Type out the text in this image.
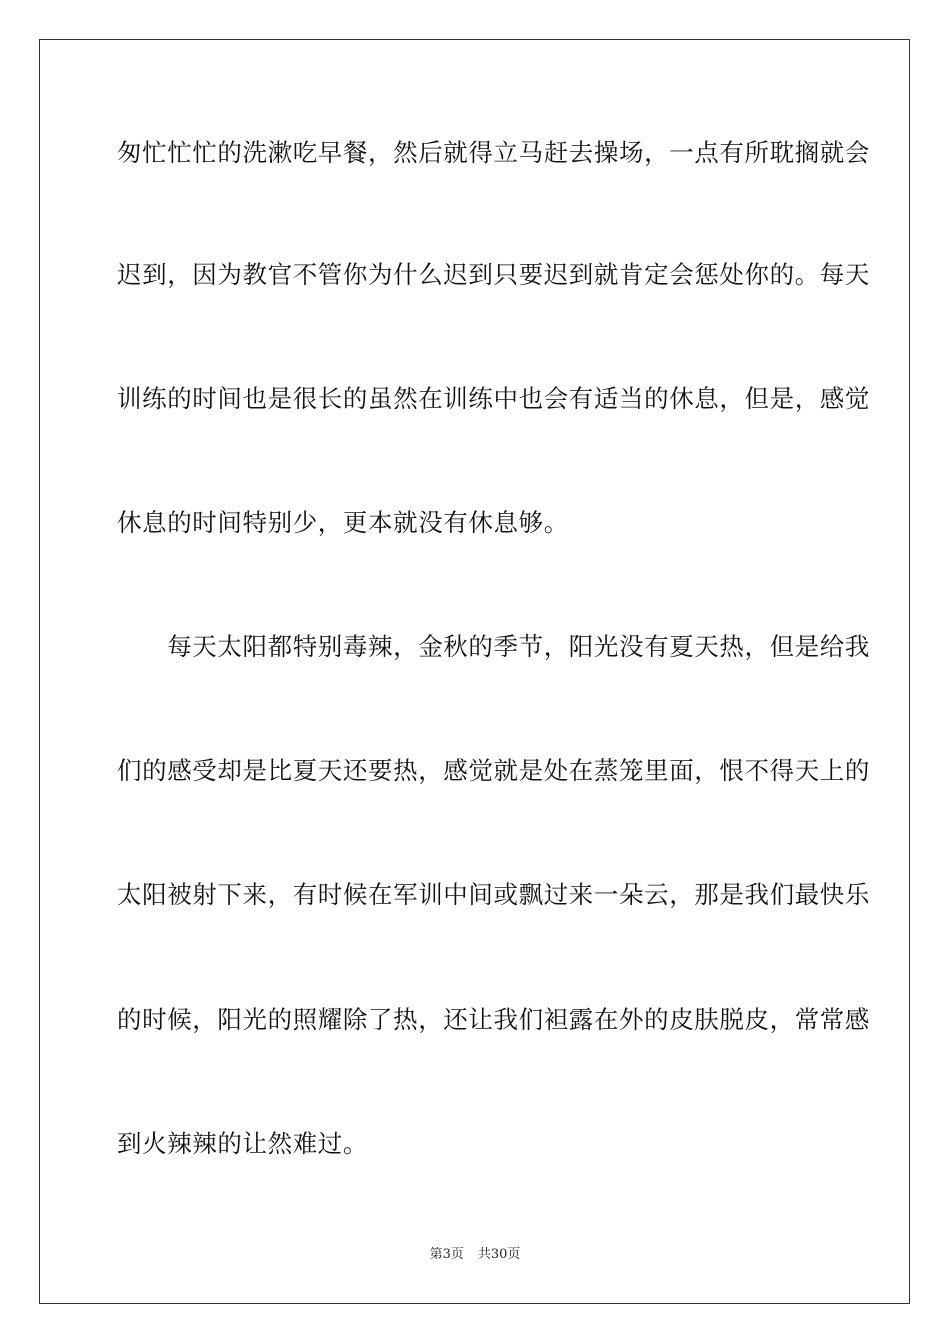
匆忙忙忙的洗漱吃早餐，然后就得立马赶去操场，一点有所耽搁就会
迟到，因为教官不管你为什么迟到只要迟到就肯定会惩处你的。每天
训练的时间也是很长的虽然在训练中也会有适当的休息，但是，感觉
休息的时间特别少，更本就没有休息够。
　　每天太阳都特别毒辣，金秋的季节，阳光没有夏天热，但是给我
们的感受却是比夏天还要热，感觉就是处在蒸笼里面，恨不得天上的
太阳被射下来，有时候在军训中间或飘过来一朵云，那是我们最快乐
的时候，阳光的照耀除了热，还让我们袒露在外的皮肤脱皮，常常感
到火辣辣的让然难过。
第3页 共30页
